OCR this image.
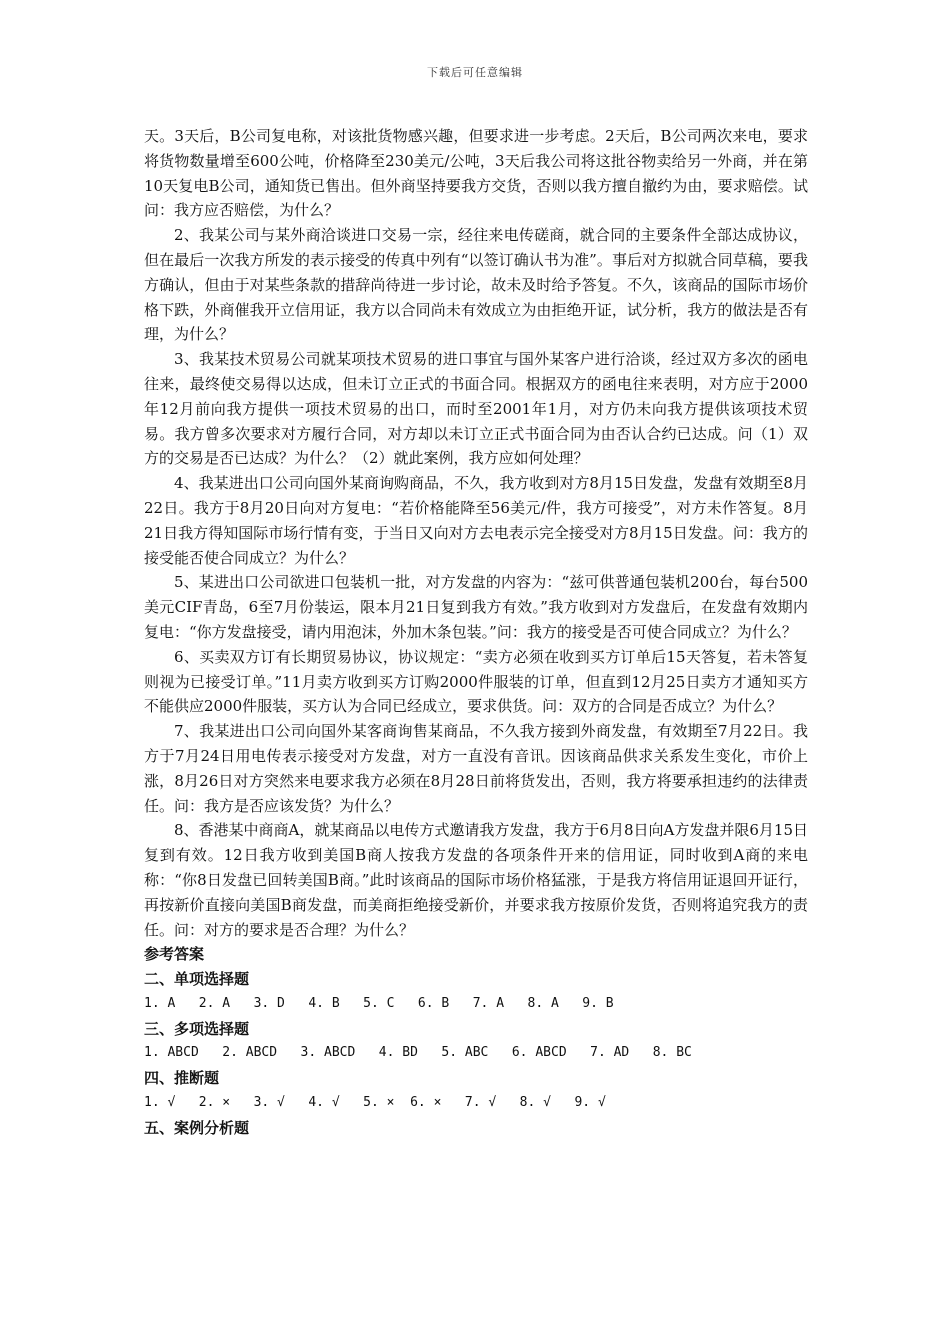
下载后可任意编辑

天。3天后，B公司复电称，对该批货物感兴趣，但要求进一步考虑。2天后，B公司两次来电，要求将货物数量增至600公吨，价格降至230美元/公吨，3天后我公司将这批谷物卖给另一外商，并在第10天复电B公司，通知货已售出。但外商坚持要我方交货，否则以我方擅自撤约为由，要求赔偿。试问：我方应否赔偿，为什么？

2、我某公司与某外商洽谈进口交易一宗，经往来电传磋商，就合同的主要条件全部达成协议，但在最后一次我方所发的表示接受的传真中列有“以签订确认书为准”。事后对方拟就合同草稿，要我方确认，但由于对某些条款的措辞尚待进一步讨论，故未及时给予答复。不久，该商品的国际市场价格下跌，外商催我开立信用证，我方以合同尚未有效成立为由拒绝开证，试分析，我方的做法是否有理，为什么？

3、我某技术贸易公司就某项技术贸易的进口事宜与国外某客户进行洽谈，经过双方多次的函电往来，最终使交易得以达成，但未订立正式的书面合同。根据双方的函电往来表明，对方应于2000年12月前向我方提供一项技术贸易的出口，而时至2001年1月，对方仍未向我方提供该项技术贸易。我方曾多次要求对方履行合同，对方却以未订立正式书面合同为由否认合约已达成。问（1）双方的交易是否已达成？为什么？（2）就此案例，我方应如何处理？

4、我某进出口公司向国外某商询购商品，不久，我方收到对方8月15日发盘，发盘有效期至8月22日。我方于8月20日向对方复电：“若价格能降至56美元/件，我方可接受”，对方未作答复。8月21日我方得知国际市场行情有变，于当日又向对方去电表示完全接受对方8月15日发盘。问：我方的接受能否使合同成立？为什么？

5、某进出口公司欲进口包装机一批，对方发盘的内容为：“兹可供普通包装机200台，每台500美元CIF青岛，6至7月份装运，限本月21日复到我方有效。”我方收到对方发盘后，在发盘有效期内复电：“你方发盘接受，请内用泡沫，外加木条包装。”问：我方的接受是否可使合同成立？为什么？

6、买卖双方订有长期贸易协议，协议规定：“卖方必须在收到买方订单后15天答复，若未答复则视为已接受订单。”11月卖方收到买方订购2000件服装的订单，但直到12月25日卖方才通知买方不能供应2000件服装，买方认为合同已经成立，要求供货。问：双方的合同是否成立？为什么？

7、我某进出口公司向国外某客商询售某商品，不久我方接到外商发盘，有效期至7月22日。我方于7月24日用电传表示接受对方发盘，对方一直没有音讯。因该商品供求关系发生变化，市价上涨，8月26日对方突然来电要求我方必须在8月28日前将货发出，否则，我方将要承担违约的法律责任。问：我方是否应该发货？为什么？

8、香港某中商商A，就某商品以电传方式邀请我方发盘，我方于6月8日向A方发盘并限6月15日复到有效。12日我方收到美国B商人按我方发盘的各项条件开来的信用证，同时收到A商的来电称：“你8日发盘已回转美国B商。”此时该商品的国际市场价格猛涨，于是我方将信用证退回开证行，再按新价直接向美国B商发盘，而美商拒绝接受新价，并要求我方按原价发货，否则将追究我方的责任。问：对方的要求是否合理？为什么？

参考答案

二、单项选择题

1. A   2. A   3. D   4. B   5. C   6. B   7. A   8. A   9. B

三、多项选择题

1. ABCD   2. ABCD   3. ABCD   4. BD   5. ABC   6. ABCD   7. AD   8. BC

四、推断题

1. √   2. ×   3. √   4. √   5. ×  6. ×   7. √   8. √   9. √

五、案例分析题
